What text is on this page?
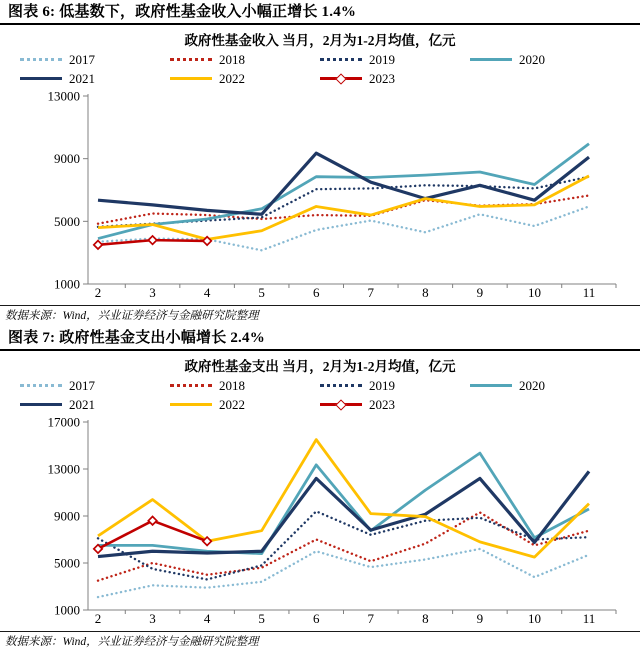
图表 6: 低基数下，政府性基金收入小幅正增长 1.4%
政府性基金收入 当月，2月为1-2月均值，亿元
2017	2018	2019	2020
2021	2022	2023
1000
5000
9000
13000
2	3	4	5	6	7	8	9	10	11
数据来源：Wind，兴业证券经济与金融研究院整理
图表 7: 政府性基金支出小幅增长 2.4%
政府性基金支出 当月，2月为1-2月均值，亿元
2017	2018	2019	2020
2021	2022	2023
1000
5000
9000
13000
17000
2	3	4	5	6	7	8	9	10	11
数据来源：Wind，兴业证券经济与金融研究院整理
